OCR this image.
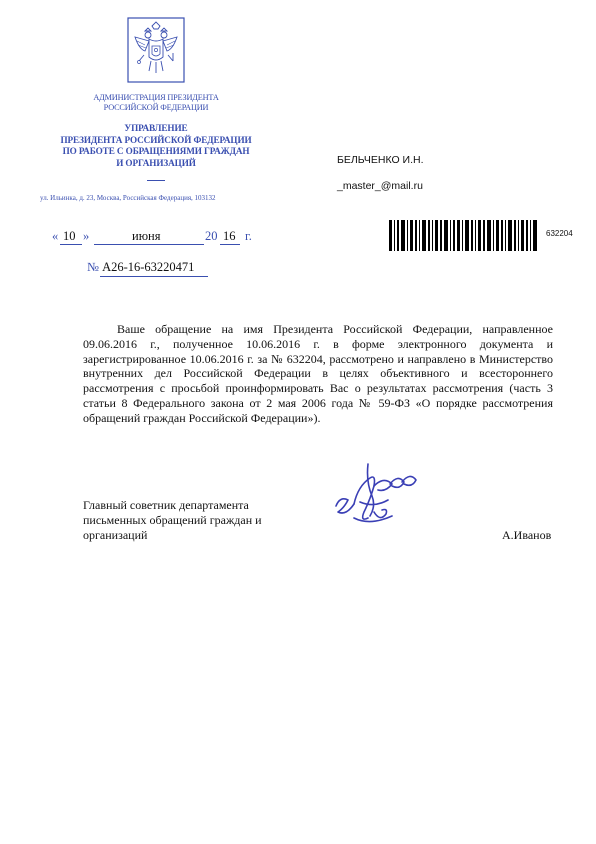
АДМИНИСТРАЦИЯ ПРЕЗИДЕНТА
РОССИЙСКОЙ ФЕДЕРАЦИИ
УПРАВЛЕНИЕ
ПРЕЗИДЕНТА РОССИЙСКОЙ ФЕДЕРАЦИИ
ПО РАБОТЕ С ОБРАЩЕНИЯМИ ГРАЖДАН
И ОРГАНИЗАЦИЙ
ул. Ильинка, д. 23, Москва, Российская Федерация, 103132
« 10 »	июня	20 16 г.
№ А26-16-63220471
БЕЛЬЧЕНКО И.Н.
_master_@mail.ru
632204
Ваше обращение на имя Президента Российской Федерации, направленное 09.06.2016 г., полученное 10.06.2016 г. в форме электронного документа и зарегистрированное 10.06.2016 г. за № 632204, рассмотрено и направлено в Министерство внутренних дел Российской Федерации в целях объективного и всестороннего рассмотрения с просьбой проинформировать Вас о результатах рассмотрения (часть 3 статьи 8 Федерального закона от 2 мая 2006 года № 59-ФЗ «О порядке рассмотрения обращений граждан Российской Федерации»).
Главный советник департамента
письменных обращений граждан и
организаций	А.Иванов
